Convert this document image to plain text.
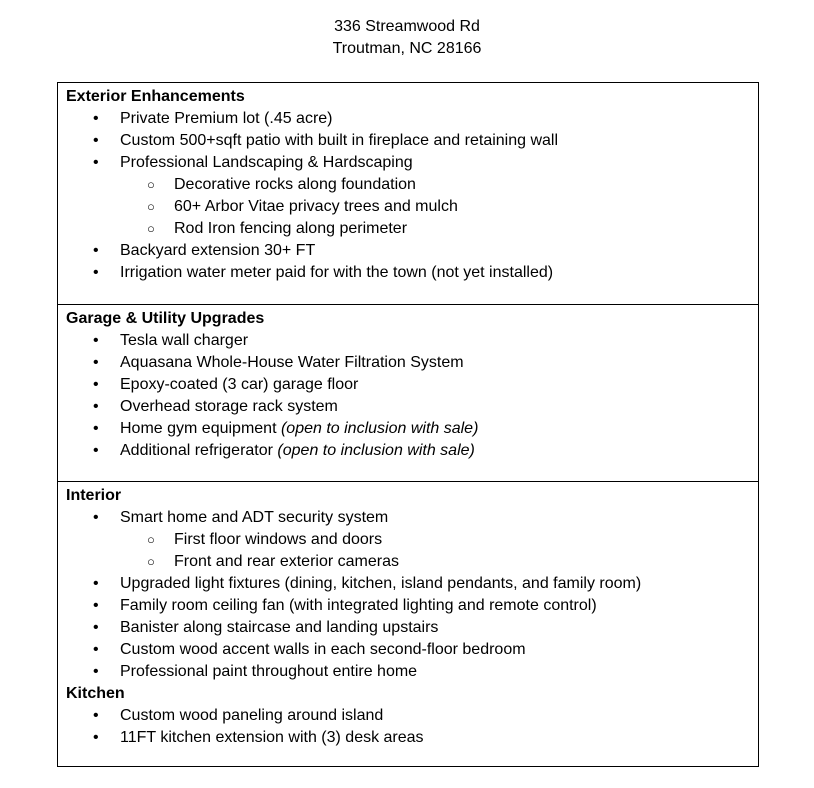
336 Streamwood Rd
Troutman, NC 28166
Exterior Enhancements
• Private Premium lot (.45 acre)
• Custom 500+sqft patio with built in fireplace and retaining wall
• Professional Landscaping & Hardscaping
○ Decorative rocks along foundation
○ 60+ Arbor Vitae privacy trees and mulch
○ Rod Iron fencing along perimeter
• Backyard extension 30+ FT
• Irrigation water meter paid for with the town (not yet installed)
Garage & Utility Upgrades
• Tesla wall charger
• Aquasana Whole-House Water Filtration System
• Epoxy-coated (3 car) garage floor
• Overhead storage rack system
• Home gym equipment (open to inclusion with sale)
• Additional refrigerator (open to inclusion with sale)
Interior
• Smart home and ADT security system
○ First floor windows and doors
○ Front and rear exterior cameras
• Upgraded light fixtures (dining, kitchen, island pendants, and family room)
• Family room ceiling fan (with integrated lighting and remote control)
• Banister along staircase and landing upstairs
• Custom wood accent walls in each second-floor bedroom
• Professional paint throughout entire home
Kitchen
• Custom wood paneling around island
• 11FT kitchen extension with (3) desk areas
